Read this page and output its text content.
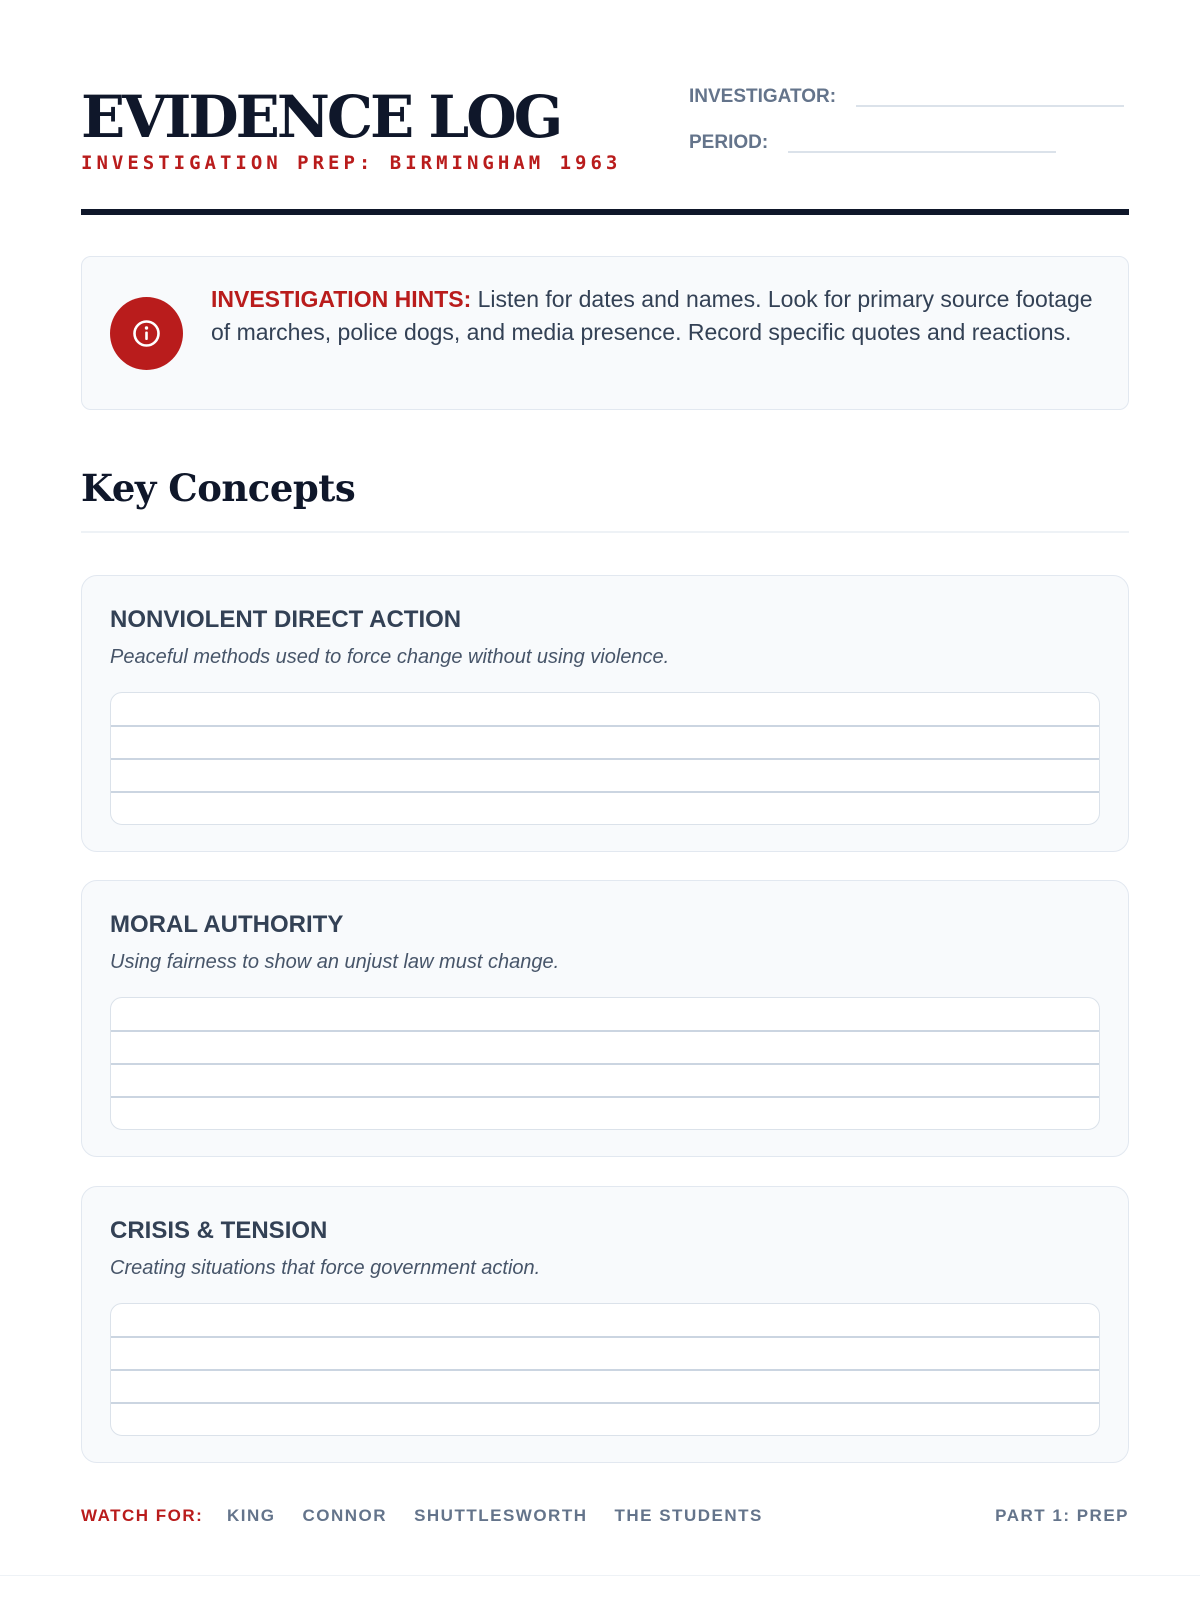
EVIDENCE LOG
INVESTIGATION PREP: BIRMINGHAM 1963
INVESTIGATOR:
PERIOD:
INVESTIGATION HINTS: Listen for dates and names. Look for primary source footage of marches, police dogs, and media presence. Record specific quotes and reactions.
Key Concepts
NONVIOLENT DIRECT ACTION
Peaceful methods used to force change without using violence.
MORAL AUTHORITY
Using fairness to show an unjust law must change.
CRISIS & TENSION
Creating situations that force government action.
WATCH FOR: KING CONNOR SHUTTLESWORTH THE STUDENTS	PART 1: PREP
